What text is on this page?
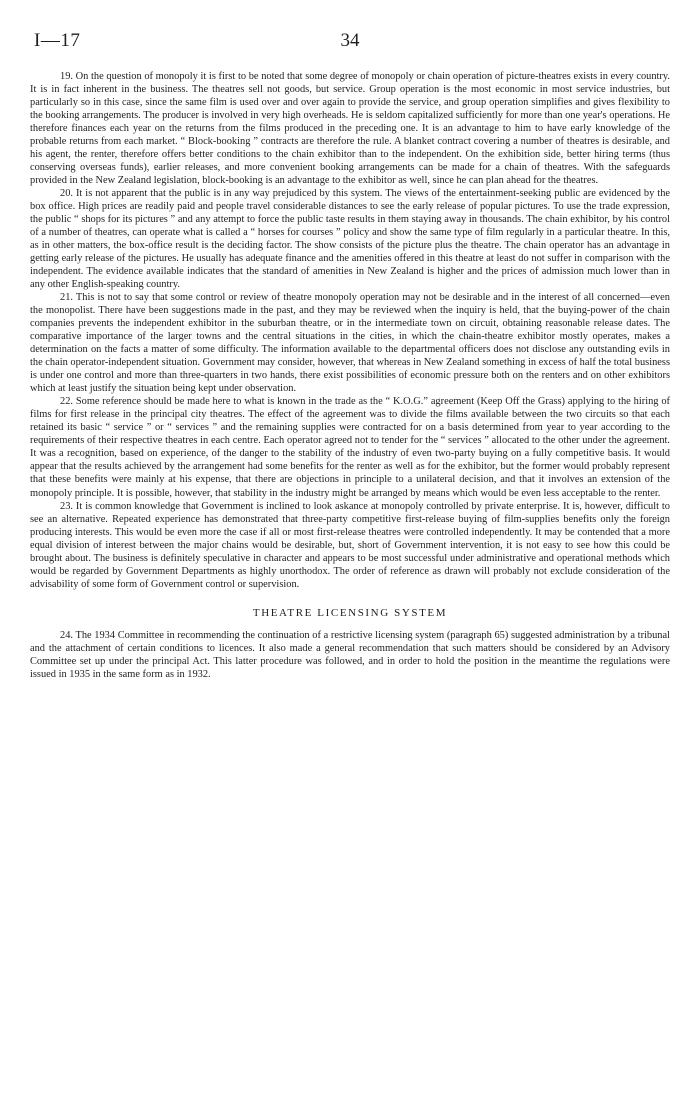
I—17	34

19. On the question of monopoly it is first to be noted that some degree of monopoly or chain operation of picture-theatres exists in every country. It is in fact inherent in the business. The theatres sell not goods, but service. Group operation is the most economic in most service industries, but particularly so in this case, since the same film is used over and over again to provide the service, and group operation simplifies and gives flexibility to the booking arrangements. The producer is involved in very high overheads. He is seldom capitalized sufficiently for more than one year's operations. He therefore finances each year on the returns from the films produced in the preceding one. It is an advantage to him to have early knowledge of the probable returns from each market. “ Block-booking ” contracts are therefore the rule. A blanket contract covering a number of theatres is desirable, and his agent, the renter, therefore offers better conditions to the chain exhibitor than to the independent. On the exhibition side, better hiring terms (thus conserving overseas funds), earlier releases, and more convenient booking arrangements can be made for a chain of theatres. With the safeguards provided in the New Zealand legislation, block-booking is an advantage to the exhibitor as well, since he can plan ahead for the theatres.

20. It is not apparent that the public is in any way prejudiced by this system. The views of the entertainment-seeking public are evidenced by the box office. High prices are readily paid and people travel considerable distances to see the early release of popular pictures. To use the trade expression, the public “ shops for its pictures ” and any attempt to force the public taste results in them staying away in thousands. The chain exhibitor, by his control of a number of theatres, can operate what is called a “ horses for courses ” policy and show the same type of film regularly in a particular theatre. In this, as in other matters, the box-office result is the deciding factor. The show consists of the picture plus the theatre. The chain operator has an advantage in getting early release of the pictures. He usually has adequate finance and the amenities offered in this theatre at least do not suffer in comparison with the independent. The evidence available indicates that the standard of amenities in New Zealand is higher and the prices of admission much lower than in any other English-speaking country.

21. This is not to say that some control or review of theatre monopoly operation may not be desirable and in the interest of all concerned—even the monopolist. There have been suggestions made in the past, and they may be reviewed when the inquiry is held, that the buying-power of the chain companies prevents the independent exhibitor in the suburban theatre, or in the intermediate town on circuit, obtaining reasonable release dates. The comparative importance of the larger towns and the central situations in the cities, in which the chain-theatre exhibitor mostly operates, makes a determination on the facts a matter of some difficulty. The information available to the departmental officers does not disclose any outstanding evils in the chain operator-independent situation. Government may consider, however, that whereas in New Zealand something in excess of half the total business is under one control and more than three-quarters in two hands, there exist possibilities of economic pressure both on the renters and on other exhibitors which at least justify the situation being kept under observation.

22. Some reference should be made here to what is known in the trade as the “ K.O.G.” agreement (Keep Off the Grass) applying to the hiring of films for first release in the principal city theatres. The effect of the agreement was to divide the films available between the two circuits so that each retained its basic “ service ” or “ services ” and the remaining supplies were contracted for on a basis determined from year to year according to the requirements of their respective theatres in each centre. Each operator agreed not to tender for the “ services ” allocated to the other under the agreement. It was a recognition, based on experience, of the danger to the stability of the industry of even two-party buying on a fully competitive basis. It would appear that the results achieved by the arrangement had some benefits for the renter as well as for the exhibitor, but the former would probably represent that these benefits were mainly at his expense, that there are objections in principle to a unilateral decision, and that it involves an extension of the monopoly principle. It is possible, however, that stability in the industry might be arranged by means which would be even less acceptable to the renter.

23. It is common knowledge that Government is inclined to look askance at monopoly controlled by private enterprise. It is, however, difficult to see an alternative. Repeated experience has demonstrated that three-party competitive first-release buying of film-supplies benefits only the foreign producing interests. This would be even more the case if all or most first-release theatres were controlled independently. It may be contended that a more equal division of interest between the major chains would be desirable, but, short of Government intervention, it is not easy to see how this could be brought about. The business is definitely speculative in character and appears to be most successful under administrative and operational methods which would be regarded by Government Departments as highly unorthodox. The order of reference as drawn will probably not exclude consideration of the advisability of some form of Government control or supervision.

THEATRE LICENSING SYSTEM

24. The 1934 Committee in recommending the continuation of a restrictive licensing system (paragraph 65) suggested administration by a tribunal and the attachment of certain conditions to licences. It also made a general recommendation that such matters should be considered by an Advisory Committee set up under the principal Act. This latter procedure was followed, and in order to hold the position in the meantime the regulations were issued in 1935 in the same form as in 1932.
